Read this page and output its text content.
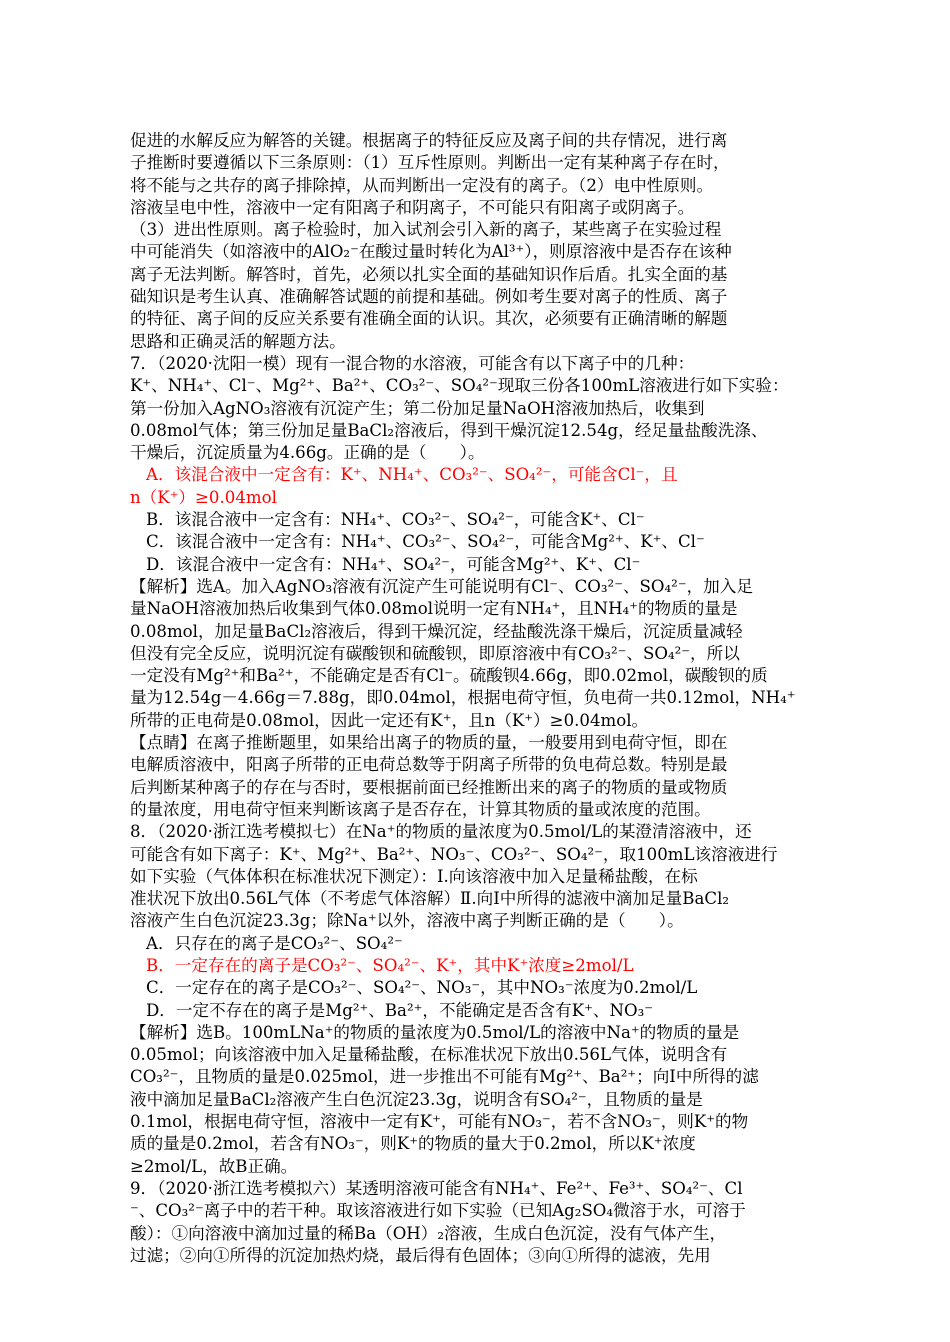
促进的水解反应为解答的关键。根据离子的特征反应及离子间的共存情况，进行离
子推断时要遵循以下三条原则：（1）互斥性原则。判断出一定有某种离子存在时，
将不能与之共存的离子排除掉，从而判断出一定没有的离子。（2）电中性原则。
溶液呈电中性，溶液中一定有阳离子和阴离子，不可能只有阳离子或阴离子。
（3）进出性原则。离子检验时，加入试剂会引入新的离子，某些离子在实验过程
中可能消失（如溶液中的AlO₂⁻在酸过量时转化为Al³⁺），则原溶液中是否存在该种
离子无法判断。解答时，首先，必须以扎实全面的基础知识作后盾。扎实全面的基
础知识是考生认真、准确解答试题的前提和基础。例如考生要对离子的性质、离子
的特征、离子间的反应关系要有准确全面的认识。其次，必须要有正确清晰的解题
思路和正确灵活的解题方法。
7．（2020·沈阳一模）现有一混合物的水溶液，可能含有以下离子中的几种：
K⁺、NH₄⁺、Cl⁻、Mg²⁺、Ba²⁺、CO₃²⁻、SO₄²⁻现取三份各100mL溶液进行如下实验：
第一份加入AgNO₃溶液有沉淀产生；第二份加足量NaOH溶液加热后，收集到
0.08mol气体；第三份加足量BaCl₂溶液后，得到干燥沉淀12.54g，经足量盐酸洗涤、
干燥后，沉淀质量为4.66g。正确的是（　　）。
A．该混合液中一定含有：K⁺、NH₄⁺、CO₃²⁻、SO₄²⁻，可能含Cl⁻，且
n（K⁺）≥0.04mol
B．该混合液中一定含有：NH₄⁺、CO₃²⁻、SO₄²⁻，可能含K⁺、Cl⁻
C．该混合液中一定含有：NH₄⁺、CO₃²⁻、SO₄²⁻，可能含Mg²⁺、K⁺、Cl⁻
D．该混合液中一定含有：NH₄⁺、SO₄²⁻，可能含Mg²⁺、K⁺、Cl⁻
【解析】选A。加入AgNO₃溶液有沉淀产生可能说明有Cl⁻、CO₃²⁻、SO₄²⁻，加入足
量NaOH溶液加热后收集到气体0.08mol说明一定有NH₄⁺，且NH₄⁺的物质的量是
0.08mol，加足量BaCl₂溶液后，得到干燥沉淀，经盐酸洗涤干燥后，沉淀质量减轻
但没有完全反应，说明沉淀有碳酸钡和硫酸钡，即原溶液中有CO₃²⁻、SO₄²⁻，所以
一定没有Mg²⁺和Ba²⁺，不能确定是否有Cl⁻。硫酸钡4.66g，即0.02mol，碳酸钡的质
量为12.54g－4.66g＝7.88g，即0.04mol，根据电荷守恒，负电荷一共0.12mol，NH₄⁺
所带的正电荷是0.08mol，因此一定还有K⁺，且n（K⁺）≥0.04mol。
【点睛】在离子推断题里，如果给出离子的物质的量，一般要用到电荷守恒，即在
电解质溶液中，阳离子所带的正电荷总数等于阴离子所带的负电荷总数。特别是最
后判断某种离子的存在与否时，要根据前面已经推断出来的离子的物质的量或物质
的量浓度，用电荷守恒来判断该离子是否存在，计算其物质的量或浓度的范围。
8．（2020·浙江选考模拟七）在Na⁺的物质的量浓度为0.5mol/L的某澄清溶液中，还
可能含有如下离子：K⁺、Mg²⁺、Ba²⁺、NO₃⁻、CO₃²⁻、SO₄²⁻，取100mL该溶液进行
如下实验（气体体积在标准状况下测定）：Ⅰ.向该溶液中加入足量稀盐酸，在标
准状况下放出0.56L气体（不考虑气体溶解）Ⅱ.向Ⅰ中所得的滤液中滴加足量BaCl₂
溶液产生白色沉淀23.3g；除Na⁺以外，溶液中离子判断正确的是（　　）。
A．只存在的离子是CO₃²⁻、SO₄²⁻
B．一定存在的离子是CO₃²⁻、SO₄²⁻、K⁺，其中K⁺浓度≥2mol/L
C．一定存在的离子是CO₃²⁻、SO₄²⁻、NO₃⁻，其中NO₃⁻浓度为0.2mol/L
D．一定不存在的离子是Mg²⁺、Ba²⁺，不能确定是否含有K⁺、NO₃⁻
【解析】选B。100mLNa⁺的物质的量浓度为0.5mol/L的溶液中Na⁺的物质的量是
0.05mol；向该溶液中加入足量稀盐酸，在标准状况下放出0.56L气体，说明含有
CO₃²⁻，且物质的量是0.025mol，进一步推出不可能有Mg²⁺、Ba²⁺；向Ⅰ中所得的滤
液中滴加足量BaCl₂溶液产生白色沉淀23.3g，说明含有SO₄²⁻，且物质的量是
0.1mol，根据电荷守恒，溶液中一定有K⁺，可能有NO₃⁻，若不含NO₃⁻，则K⁺的物
质的量是0.2mol，若含有NO₃⁻，则K⁺的物质的量大于0.2mol，所以K⁺浓度
≥2mol/L，故B正确。
9．（2020·浙江选考模拟六）某透明溶液可能含有NH₄⁺、Fe²⁺、Fe³⁺、SO₄²⁻、Cl
⁻、CO₃²⁻离子中的若干种。取该溶液进行如下实验（已知Ag₂SO₄微溶于水，可溶于
酸）：①向溶液中滴加过量的稀Ba（OH）₂溶液，生成白色沉淀，没有气体产生，
过滤；②向①所得的沉淀加热灼烧，最后得有色固体；③向①所得的滤液，先用
